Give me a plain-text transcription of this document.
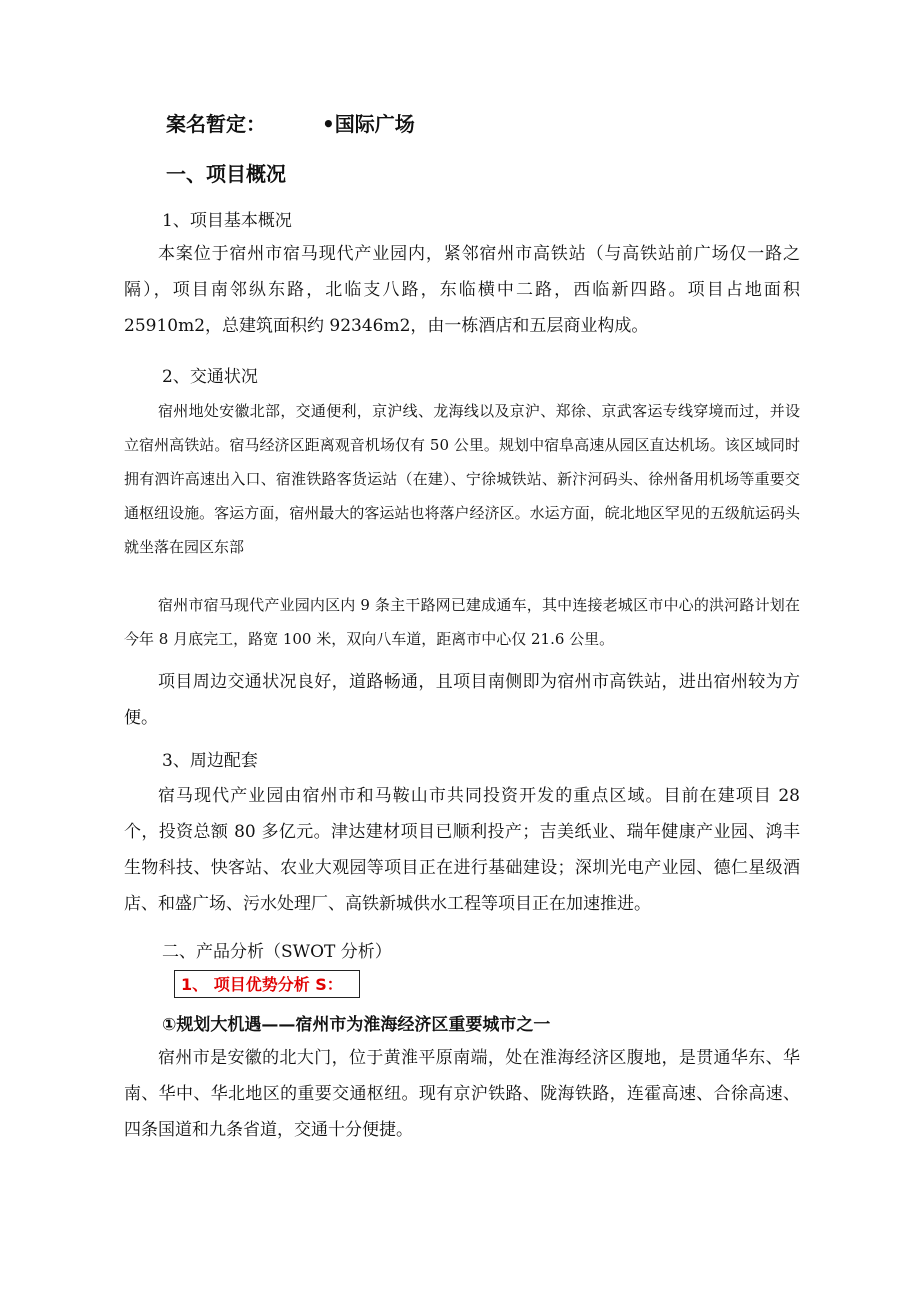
案名暂定：	•国际广场
一、项目概况
1、项目基本概况
本案位于宿州市宿马现代产业园内，紧邻宿州市高铁站（与高铁站前广场仅一路之隔），项目南邻纵东路，北临支八路，东临横中二路，西临新四路。项目占地面积 25910m2，总建筑面积约 92346m2，由一栋酒店和五层商业构成。
2、交通状况
宿州地处安徽北部，交通便利，京沪线、龙海线以及京沪、郑徐、京武客运专线穿境而过，并设立宿州高铁站。宿马经济区距离观音机场仅有 50 公里。规划中宿阜高速从园区直达机场。该区域同时拥有泗许高速出入口、宿淮铁路客货运站（在建）、宁徐城铁站、新汴河码头、徐州备用机场等重要交通枢纽设施。客运方面，宿州最大的客运站也将落户经济区。水运方面，皖北地区罕见的五级航运码头就坐落在园区东部
宿州市宿马现代产业园内区内 9 条主干路网已建成通车，其中连接老城区市中心的洪河路计划在今年 8 月底完工，路宽 100 米，双向八车道，距离市中心仅 21.6 公里。
项目周边交通状况良好，道路畅通，且项目南侧即为宿州市高铁站，进出宿州较为方便。
3、周边配套
宿马现代产业园由宿州市和马鞍山市共同投资开发的重点区域。目前在建项目 28 个，投资总额 80 多亿元。津达建材项目已顺利投产；吉美纸业、瑞年健康产业园、鸿丰生物科技、快客站、农业大观园等项目正在进行基础建设；深圳光电产业园、德仁星级酒店、和盛广场、污水处理厂、高铁新城供水工程等项目正在加速推进。
二、产品分析（SWOT 分析）
1、 项目优势分析 S：
①规划大机遇——宿州市为淮海经济区重要城市之一
宿州市是安徽的北大门，位于黄淮平原南端，处在淮海经济区腹地，是贯通华东、华南、华中、华北地区的重要交通枢纽。现有京沪铁路、陇海铁路，连霍高速、合徐高速、四条国道和九条省道，交通十分便捷。
